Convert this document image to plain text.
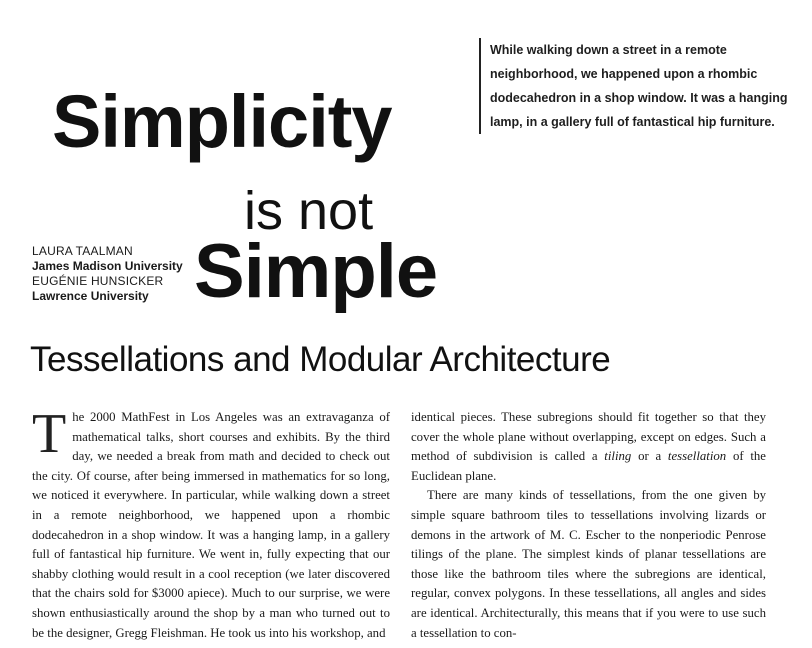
While walking down a street in a remote neighborhood, we happened upon a rhombic dodecahedron in a shop window. It was a hanging lamp, in a gallery full of fantastical hip furniture.
Simplicity
is not
Simple
LAURA TAALMAN
James Madison University
EUGÉNIE HUNSICKER
Lawrence University
Tessellations and Modular Architecture

The 2000 MathFest in Los Angeles was an extravaganza of mathematical talks, short courses and exhibits. By the third day, we needed a break from math and decided to check out the city. Of course, after being immersed in mathematics for so long, we noticed it everywhere. In particular, while walking down a street in a remote neighborhood, we happened upon a rhombic dodecahedron in a shop window. It was a hanging lamp, in a gallery full of fantastical hip furniture. We went in, fully expecting that our shabby clothing would result in a cool reception (we later discovered that the chairs sold for $3000 apiece). Much to our surprise, we were shown enthusiastically around the shop by a man who turned out to be the designer, Gregg Fleishman. He took us into his workshop, and

identical pieces. These subregions should fit together so that they cover the whole plane without overlapping, except on edges. Such a method of subdivision is called a tiling or a tessellation of the Euclidean plane.

There are many kinds of tessellations, from the one given by simple square bathroom tiles to tessellations involving lizards or demons in the artwork of M. C. Escher to the nonperiodic Penrose tilings of the plane. The simplest kinds of planar tessellations are those like the bathroom tiles where the subregions are identical, regular, convex polygons. In these tessellations, all angles and sides are identical. Architecturally, this means that if you were to use such a tessellation to con-
